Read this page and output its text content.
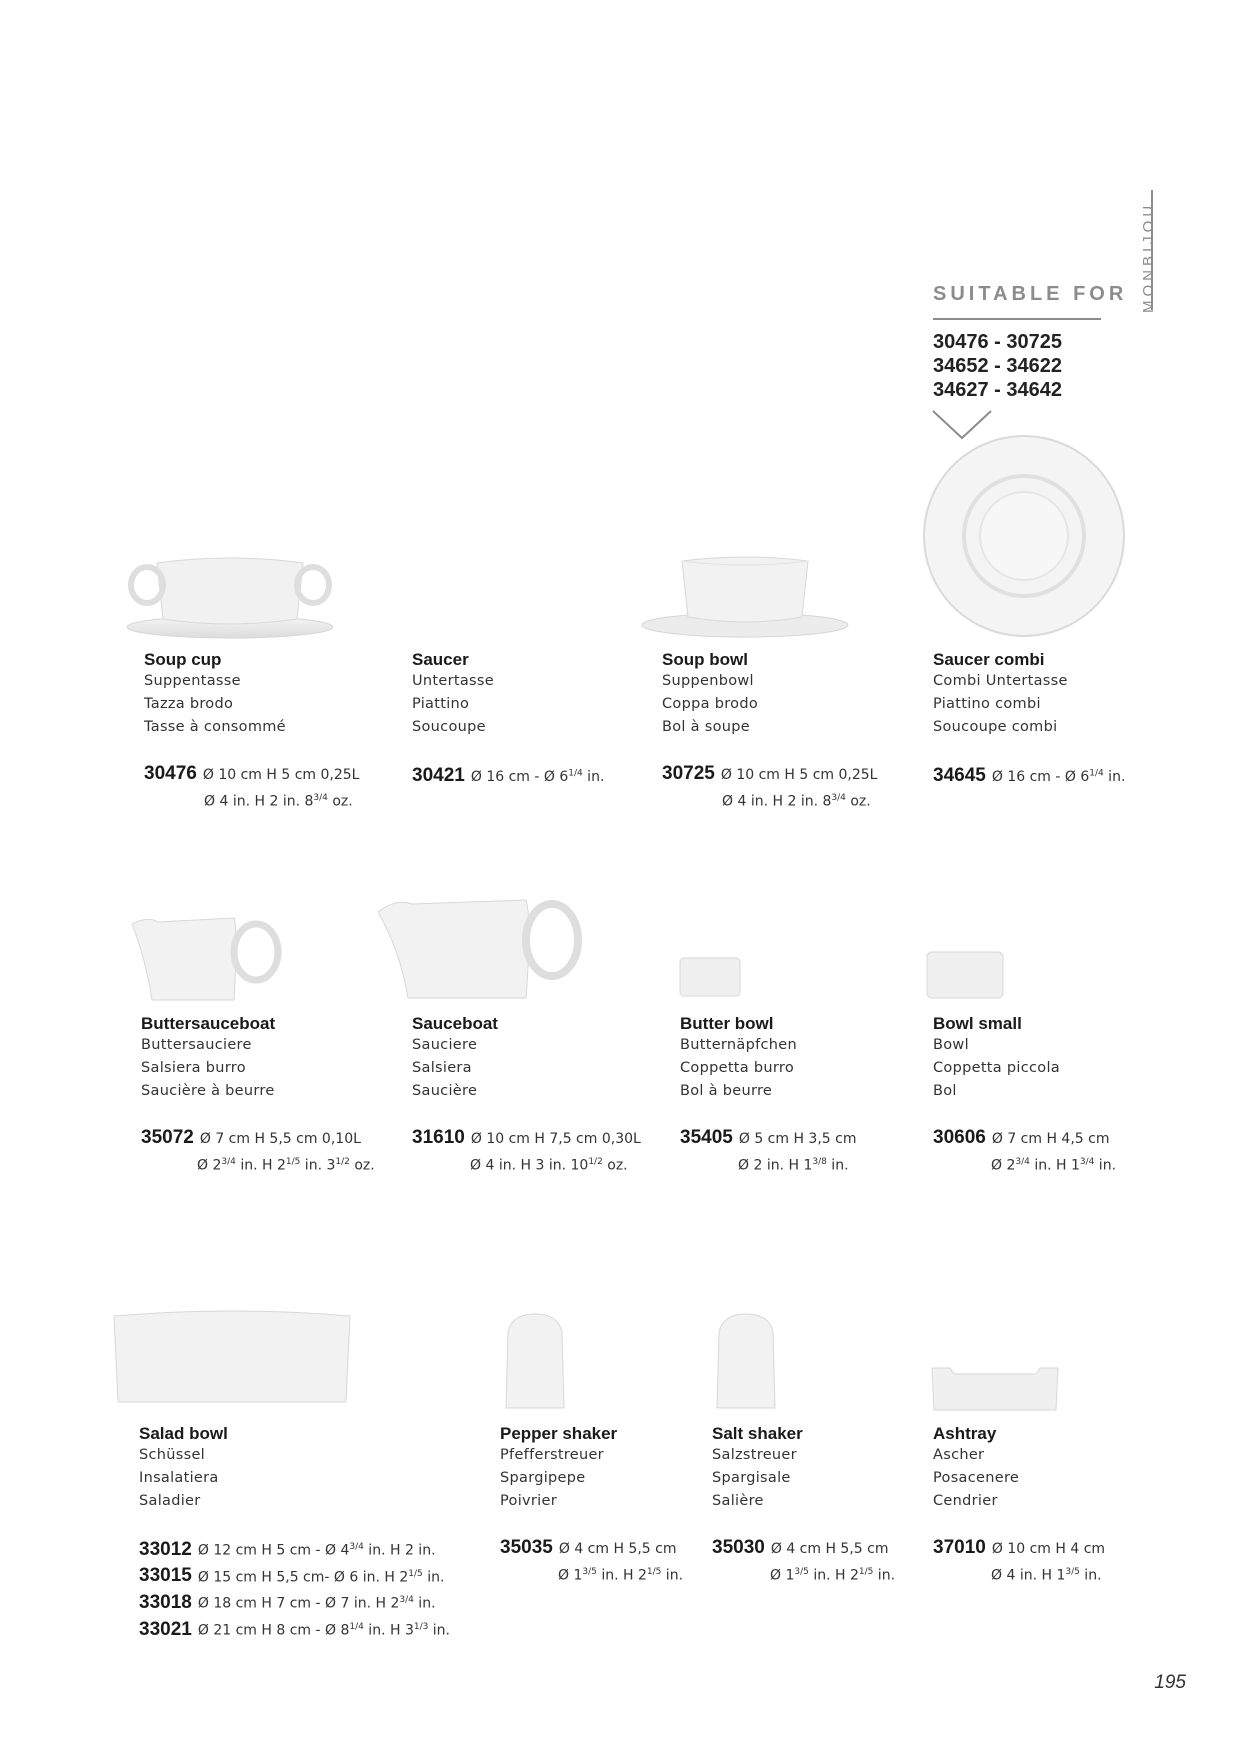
MONBIJOU
SUITABLE FOR
30476 - 30725
34652 - 34622
34627 - 34642
Soup cup
Suppentasse
Tazza brodo
Tasse à consommé
30476 Ø 10 cm H 5 cm 0,25L
Ø 4 in. H 2 in. $8^{3/4}$ oz.
Saucer
Untertasse
Piattino
Soucoupe
30421 Ø 16 cm - Ø $6^{1/4}$ in.
Soup bowl
Suppenbowl
Coppa brodo
Bol à soupe
30725 Ø 10 cm H 5 cm 0,25L
Ø 4 in. H 2 in. $8^{3/4}$ oz.
Saucer combi
Combi Untertasse
Piattino combi
Soucoupe combi
34645 Ø 16 cm - Ø $6^{1/4}$ in.
Buttersauceboat
Buttersauciere
Salsiera burro
Saucière à beurre
35072 Ø 7 cm H 5,5 cm 0,10L
Ø $2^{3/4}$ in. H $2^{1/5}$ in. $3^{1/2}$ oz.
Sauceboat
Sauciere
Salsiera
Saucière
31610 Ø 10 cm H 7,5 cm 0,30L
Ø 4 in. H 3 in. $10^{1/2}$ oz.
Butter bowl
Butternäpfchen
Coppetta burro
Bol à beurre
35405 Ø 5 cm H 3,5 cm
Ø 2 in. H $1^{3/8}$ in.
Bowl small
Bowl
Coppetta piccola
Bol
30606 Ø 7 cm H 4,5 cm
Ø $2^{3/4}$ in. H $1^{3/4}$ in.
Salad bowl
Schüssel
Insalatiera
Saladier
33012 Ø 12 cm H 5 cm - Ø $4^{3/4}$ in. H 2 in.
33015 Ø 15 cm H 5,5 cm- Ø 6 in. H $2^{1/5}$ in.
33018 Ø 18 cm H 7 cm - Ø 7 in. H $2^{3/4}$ in.
33021 Ø 21 cm H 8 cm - Ø $8^{1/4}$ in. H $3^{1/3}$ in.
Pepper shaker
Pfefferstreuer
Spargipepe
Poivrier
35035 Ø 4 cm H 5,5 cm
Ø $1^{3/5}$ in. H $2^{1/5}$ in.
Salt shaker
Salzstreuer
Spargisale
Salière
35030 Ø 4 cm H 5,5 cm
Ø $1^{3/5}$ in. H $2^{1/5}$ in.
Ashtray
Ascher
Posacenere
Cendrier
37010 Ø 10 cm H 4 cm
Ø 4 in. H $1^{3/5}$ in.
195
